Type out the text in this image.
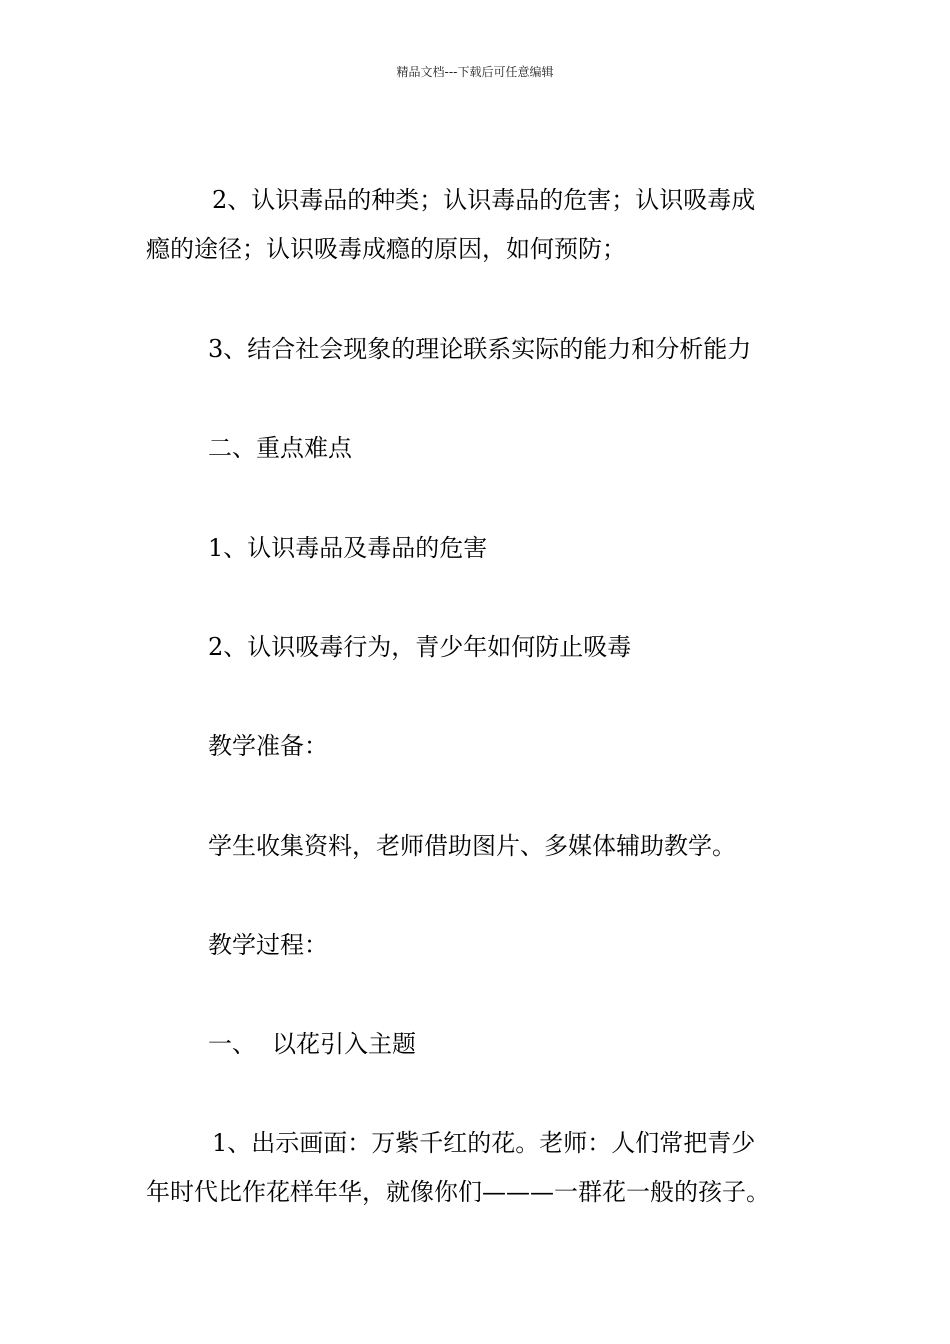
精品文档---下载后可任意编辑
2、认识毒品的种类；认识毒品的危害；认识吸毒成
瘾的途径；认识吸毒成瘾的原因，如何预防；
3、结合社会现象的理论联系实际的能力和分析能力
二、重点难点
1、认识毒品及毒品的危害
2、认识吸毒行为，青少年如何防止吸毒
教学准备：
学生收集资料，老师借助图片、多媒体辅助教学。
教学过程：
一、 以花引入主题
1、出示画面：万紫千红的花。老师：人们常把青少
年时代比作花样年华，就像你们———一群花一般的孩子。
